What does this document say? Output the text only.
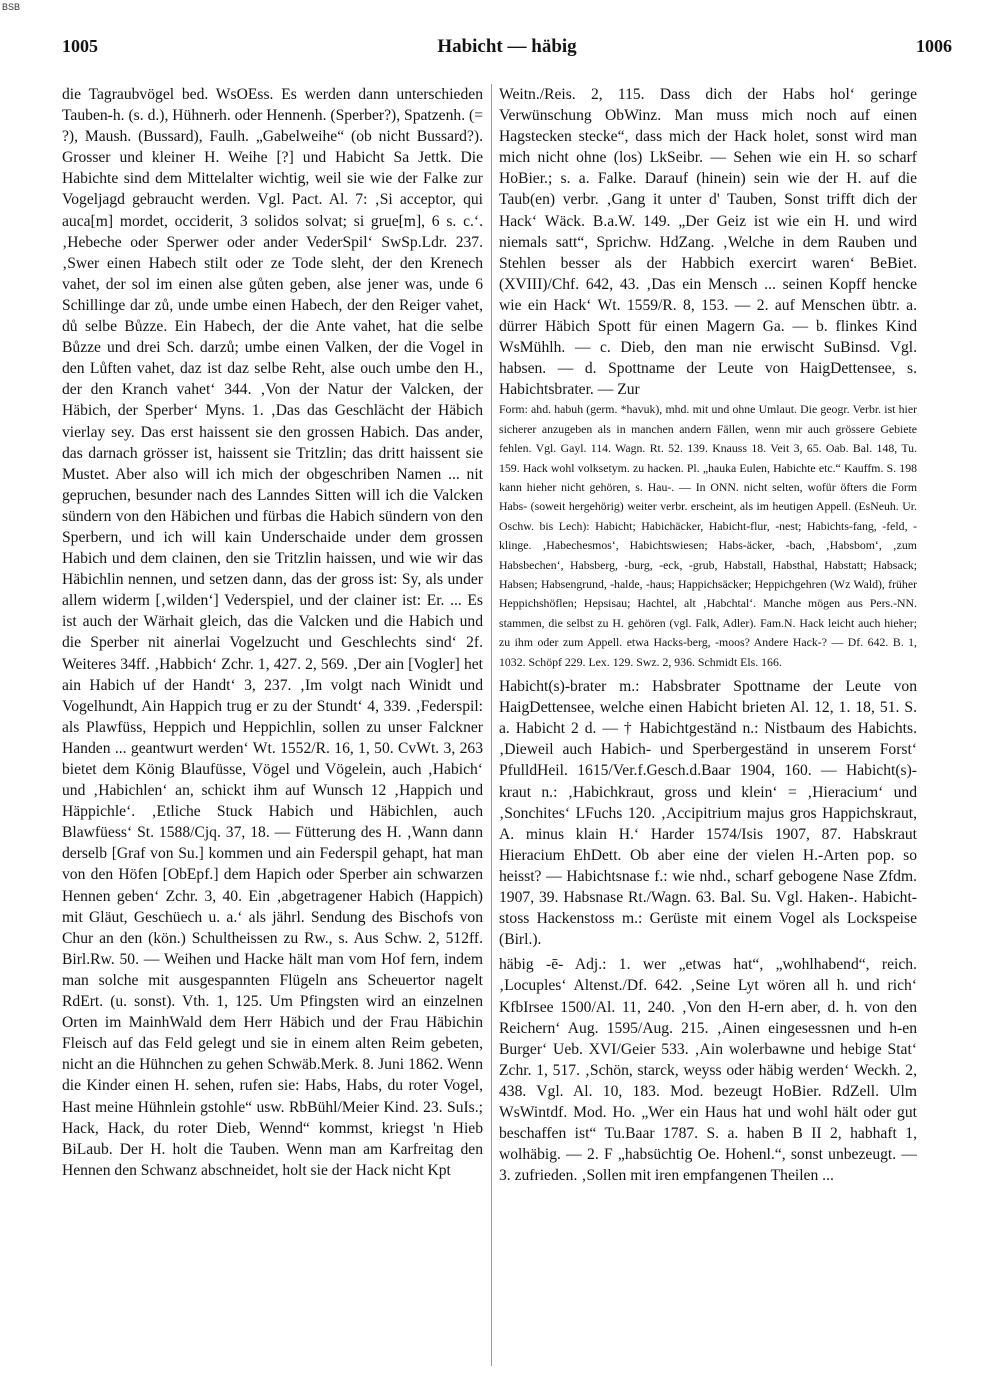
BSB
1005	Habicht — häbig	1006

die Tagraubvögel bed. WsOEss. Es werden dann unterschieden Tauben-h. (s. d.), Hühnerh. oder Hennenh. (Sperber?), Spatzenh. (= ?), Maush. (Bussard), Faulh. „Gabelweihe“ (ob nicht Bussard?). Grosser und kleiner H. Weihe [?] und Habicht Sa Jettk. Die Habichte sind dem Mittelalter wichtig, weil sie wie der Falke zur Vogeljagd gebraucht werden. Vgl. Pact. Al. 7: ‚Si acceptor, qui auca[m] mordet, occiderit, 3 solidos solvat; si grue[m], 6 s. c.‘. ‚Hebeche oder Sperwer oder ander VederSpil‘ SwSp.Ldr. 237. ‚Swer einen Habech stilt oder ze Tode sleht, der den Krenech vahet, der sol im einen alse gůten geben, alse jener was, unde 6 Schillinge dar zů, unde umbe einen Habech, der den Reiger vahet, dů selbe Bůzze. Ein Habech, der die Ante vahet, hat die selbe Bůzze und drei Sch. darzů; umbe einen Valken, der die Vogel in den Lůften vahet, daz ist daz selbe Reht, alse ouch umbe den H., der den Kranch vahet‘ 344. ‚Von der Natur der Valcken, der Häbich, der Sperber‘ Myns. 1. ‚Das das Geschlächt der Häbich vierlay sey. Das erst haissent sie den grossen Habich. Das ander, das darnach grösser ist, haissent sie Tritzlin; das dritt haissent sie Mustet. Aber also will ich mich der obgeschriben Namen ... nit gepruchen, besunder nach des Lanndes Sitten will ich die Valcken sündern von den Häbichen und fürbas die Habich sündern von den Sperbern, und ich will kain Underschaide under dem grossen Habich und dem clainen, den sie Tritzlin haissen, und wie wir das Häbichlin nennen, und setzen dann, das der gross ist: Sy, als under allem widerm [‚wilden‘] Vederspiel, und der clainer ist: Er. ... Es ist auch der Wärhait gleich, das die Valcken und die Habich und die Sperber nit ainerlai Vogelzucht und Geschlechts sind‘ 2f. Weiteres 34ff. ‚Habbich‘ Zchr. 1, 427. 2, 569. ‚Der ain [Vogler] het ain Habich uf der Handt‘ 3, 237. ‚Im volgt nach Winidt und Vogelhundt, Ain Happich trug er zu der Stundt‘ 4, 339. ‚Federspil: als Plawfüss, Heppich und Heppichlin, sollen zu unser Falckner Handen ... geantwurt werden‘ Wt. 1552/R. 16, 1, 50. CvWt. 3, 263 bietet dem König Blaufüsse, Vögel und Vögelein, auch ‚Habich‘ und ‚Habichlen‘ an, schickt ihm auf Wunsch 12 ‚Happich und Häppichle‘. ‚Etliche Stuck Habich und Häbichlen, auch Blawfüess‘ St. 1588/Cjq. 37, 18. — Fütterung des H. ‚Wann dann derselb [Graf von Su.] kommen und ain Federspil gehapt, hat man von den Höfen [ObEpf.] dem Hapich oder Sperber ain schwarzen Hennen geben‘ Zchr. 3, 40. Ein ‚abgetragener Habich (Happich) mit Gläut, Geschüech u. a.‘ als jährl. Sendung des Bischofs von Chur an den (kön.) Schultheissen zu Rw., s. Aus Schw. 2, 512ff. Birl.Rw. 50. — Weihen und Hacke hält man vom Hof fern, indem man solche mit ausgespannten Flügeln ans Scheuertor nagelt RdErt. (u. sonst). Vth. 1, 125. Um Pfingsten wird an einzelnen Orten im MainhWald dem Herr Häbich und der Frau Häbichin Fleisch auf das Feld gelegt und sie in einem alten Reim gebeten, nicht an die Hühnchen zu gehen Schwäb.Merk. 8. Juni 1862. Wenn die Kinder einen H. sehen, rufen sie: Habs, Habs, du roter Vogel, Hast meine Hühnlein gstohle“ usw. RbBühl/Meier Kind. 23. SuIs.; Hack, Hack, du roter Dieb, Wennd“ kommst, kriegst 'n Hieb BiLaub. Der H. holt die Tauben. Wenn man am Karfreitag den Hennen den Schwanz abschneidet, holt sie der Hack nicht Kpt

Weitn./Reis. 2, 115. Dass dich der Habs hol‘ geringe Verwünschung ObWinz. Man muss mich noch auf einen Hagstecken stecke“, dass mich der Hack holet, sonst wird man mich nicht ohne (los) LkSeibr. — Sehen wie ein H. so scharf HoBier.; s. a. Falke. Darauf (hinein) sein wie der H. auf die Taub(en) verbr. ‚Gang it unter d' Tauben, Sonst trifft dich der Hack‘ Wäck. B.a.W. 149. „Der Geiz ist wie ein H. und wird niemals satt“, Sprichw. HdZang. ‚Welche in dem Rauben und Stehlen besser als der Habbich exercirt waren‘ BeBiet. (XVIII)/Chf. 642, 43. ‚Das ein Mensch ... seinen Kopff hencke wie ein Hack‘ Wt. 1559/R. 8, 153. — 2. auf Menschen übtr. a. dürrer Häbich Spott für einen Magern Ga. — b. flinkes Kind WsMühlh. — c. Dieb, den man nie erwischt SuBinsd. Vgl. habsen. — d. Spottname der Leute von HaigDettensee, s. Habichtsbrater. — Zur

Form: ahd. habuh (germ. *havuk), mhd. mit und ohne Umlaut. Die geogr. Verbr. ist hier sicherer anzugeben als in manchen andern Fällen, wenn mir auch grössere Gebiete fehlen. Vgl. Gayl. 114. Wagn. Rt. 52. 139. Knauss 18. Veit 3, 65. Oab. Bal. 148, Tu. 159. Hack wohl volksetym. zu hacken. Pl. „hauka Eulen, Habichte etc.“ Kauffm. S. 198 kann hieher nicht gehören, s. Hau-. — In ONN. nicht selten, wofür öfters die Form Habs- (soweit hergehörig) weiter verbr. erscheint, als im heutigen Appell. (EsNeuh. Ur. Oschw. bis Lech): Habicht; Habichäcker, Habicht-flur, -nest; Habichts-fang, -feld, -klinge. ‚Habechesmos‘, Habichtswiesen; Habs-äcker, -bach, ‚Habsbom‘, ‚zum Habsbechen‘, Habsberg, -burg, -eck, -grub, Habstall, Habsthal, Habstatt; Habsack; Habsen; Habsengrund, -halde, -haus; Happichsäcker; Heppichgehren (Wz Wald), früher Heppichshöflen; Hepsisau; Hachtel, alt ‚Habchtal‘. Manche mögen aus Pers.-NN. stammen, die selbst zu H. gehören (vgl. Falk, Adler). Fam.N. Hack leicht auch hieher; zu ihm oder zum Appell. etwa Hacks-berg, -moos? Andere Hack-? — Df. 642. B. 1, 1032. Schöpf 229. Lex. 129. Swz. 2, 936. Schmidt Els. 166.

Habicht(s)-brater m.: Habsbrater Spottname der Leute von HaigDettensee, welche einen Habicht brieten Al. 12, 1. 18, 51. S. a. Habicht 2 d. — † Habichtgeständ n.: Nistbaum des Habichts. ‚Dieweil auch Habich- und Sperbergeständ in unserem Forst‘ PfulldHeil. 1615/Ver.f.Gesch.d.Baar 1904, 160. — Habicht(s)-kraut n.: ‚Habichkraut, gross und klein‘ = ‚Hieracium‘ und ‚Sonchites‘ LFuchs 120. ‚Accipitrium majus gros Happichskraut, A. minus klain H.‘ Harder 1574/Isis 1907, 87. Habskraut Hieracium EhDett. Ob aber eine der vielen H.-Arten pop. so heisst? — Habichtsnase f.: wie nhd., scharf gebogene Nase Zfdm. 1907, 39. Habsnase Rt./Wagn. 63. Bal. Su. Vgl. Haken-. Habicht-stoss Hackenstoss m.: Gerüste mit einem Vogel als Lockspeise (Birl.).

häbig -ē- Adj.: 1. wer „etwas hat“, „wohlhabend“, reich. ‚Locuples‘ Altenst./Df. 642. ‚Seine Lyt wören all h. und rich‘ KfbIrsee 1500/Al. 11, 240. ‚Von den H-ern aber, d. h. von den Reichern‘ Aug. 1595/Aug. 215. ‚Ainen eingesessnen und h-en Burger‘ Ueb. XVI/Geier 533. ‚Ain wolerbawne und hebige Stat‘ Zchr. 1, 517. ‚Schön, starck, weyss oder häbig werden‘ Weckh. 2, 438. Vgl. Al. 10, 183. Mod. bezeugt HoBier. RdZell. Ulm WsWintdf. Mod. Ho. „Wer ein Haus hat und wohl hält oder gut beschaffen ist“ Tu.Baar 1787. S. a. haben B II 2, habhaft 1, wolhäbig. — 2. F „habsüchtig Oe. Hohenl.“, sonst unbezeugt. — 3. zufrieden. ‚Sollen mit iren empfangenen Theilen ...
